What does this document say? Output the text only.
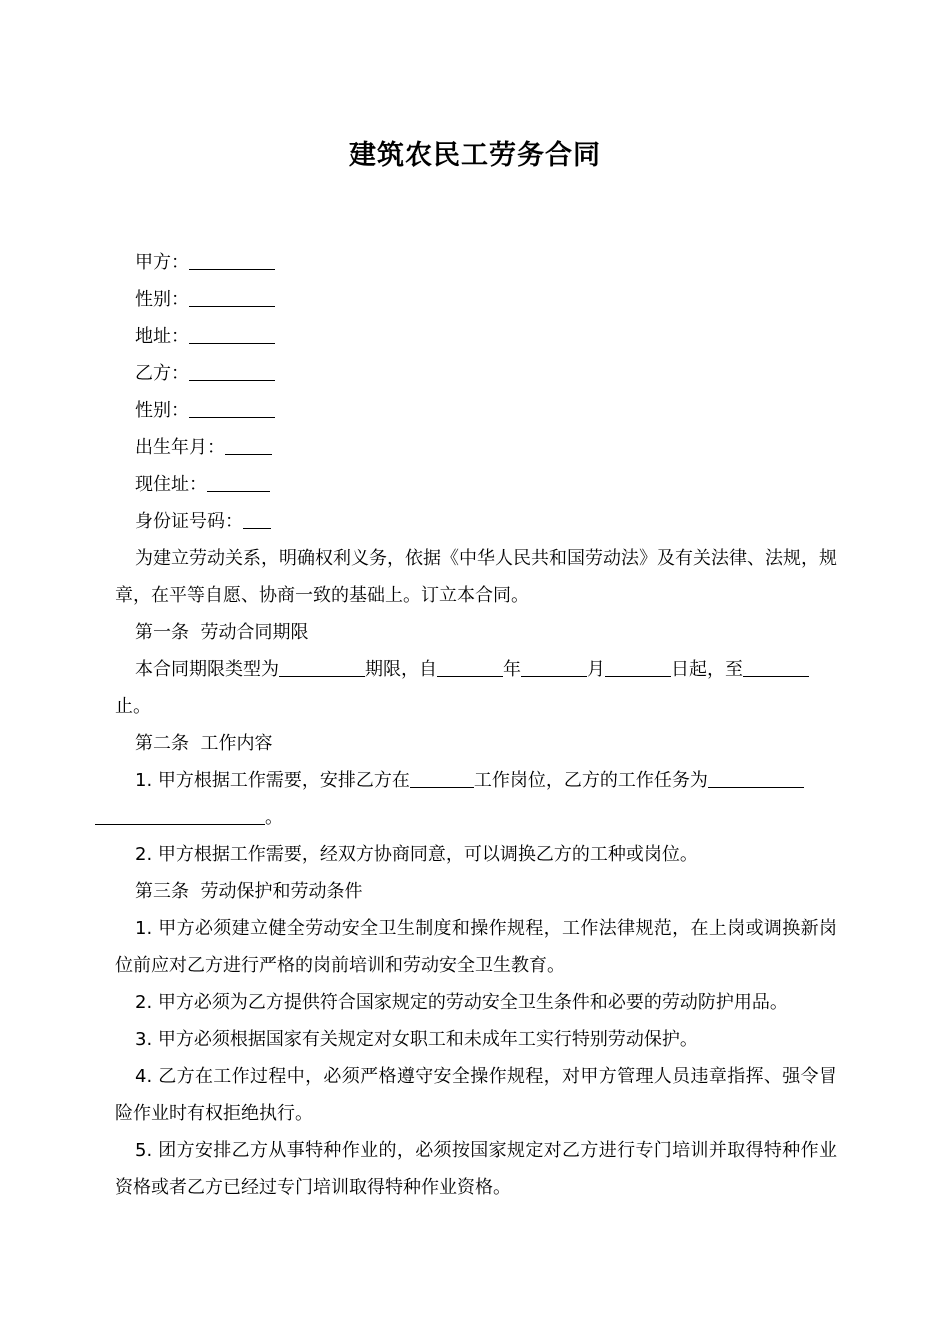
建筑农民工劳务合同

甲方：

性别：

地址：

乙方：

性别：

出生年月：

现住址：

身份证号码：

为建立劳动关系，明确权利义务，依据《中华人民共和国劳动法》及有关法律、法规，规章，在平等自愿、协商一致的基础上。订立本合同。

第一条  劳动合同期限

本合同期限类型为	期限，自	年	月	日起，至
止。

第二条  工作内容

1. 甲方根据工作需要，安排乙方在	工作岗位，乙方的工作任务为
。

2. 甲方根据工作需要，经双方协商同意，可以调换乙方的工种或岗位。

第三条  劳动保护和劳动条件

1. 甲方必须建立健全劳动安全卫生制度和操作规程，工作法律规范，在上岗或调换新岗位前应对乙方进行严格的岗前培训和劳动安全卫生教育。

2. 甲方必须为乙方提供符合国家规定的劳动安全卫生条件和必要的劳动防护用品。

3. 甲方必须根据国家有关规定对女职工和未成年工实行特别劳动保护。

4. 乙方在工作过程中，必须严格遵守安全操作规程，对甲方管理人员违章指挥、强令冒险作业时有权拒绝执行。

5. 团方安排乙方从事特种作业的，必须按国家规定对乙方进行专门培训并取得特种作业资格或者乙方已经过专门培训取得特种作业资格。
